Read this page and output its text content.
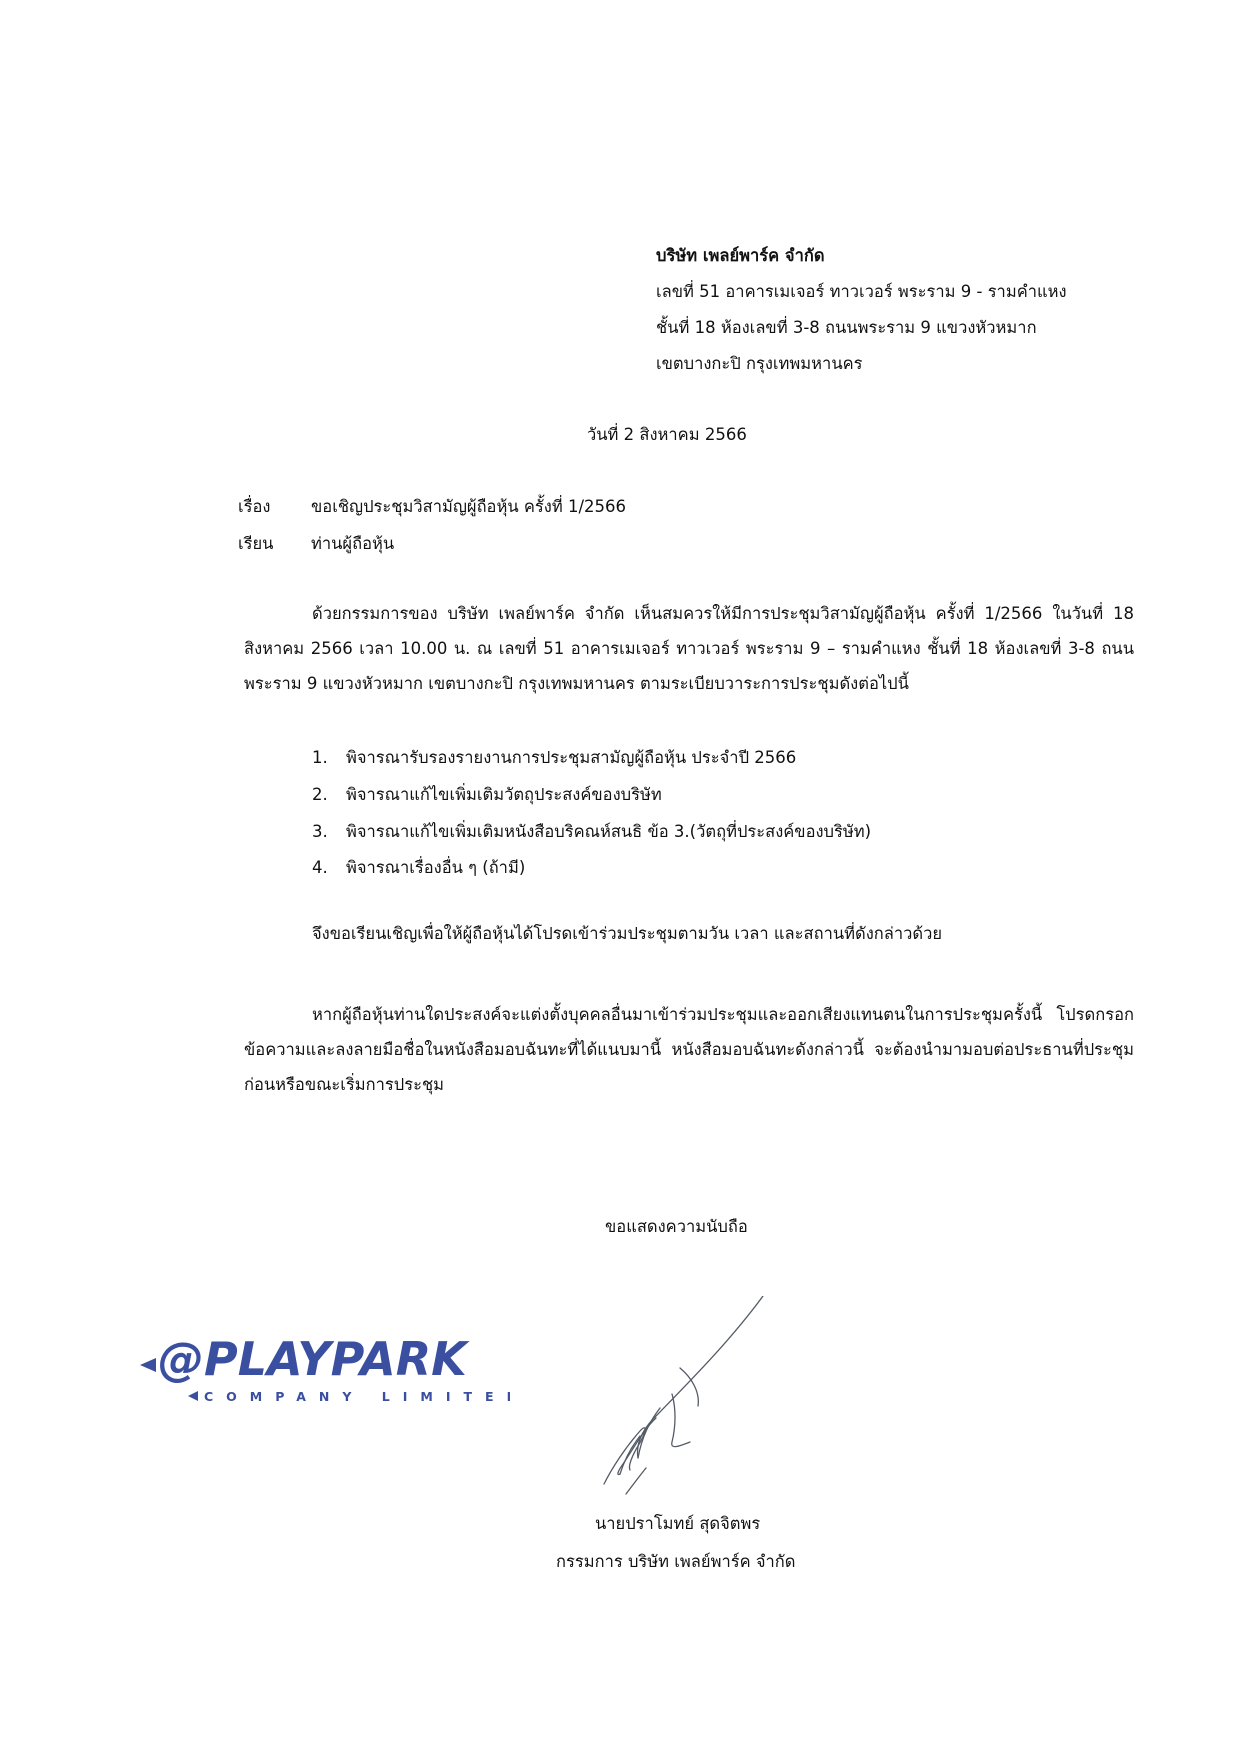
บริษัท เพลย์พาร์ค จำกัด
เลขที่ 51 อาคารเมเจอร์ ทาวเวอร์ พระราม 9 - รามคำแหง
ชั้นที่ 18 ห้องเลขที่ 3-8 ถนนพระราม 9 แขวงหัวหมาก
เขตบางกะปิ กรุงเทพมหานคร
วันที่ 2 สิงหาคม 2566
เรื่อง ขอเชิญประชุมวิสามัญผู้ถือหุ้น ครั้งที่ 1/2566
เรียน ท่านผู้ถือหุ้น
ด้วยกรรมการของ บริษัท เพลย์พาร์ค จำกัด เห็นสมควรให้มีการประชุมวิสามัญผู้ถือหุ้น ครั้งที่ 1/2566 ในวันที่ 18 สิงหาคม 2566 เวลา 10.00 น. ณ เลขที่ 51 อาคารเมเจอร์ ทาวเวอร์ พระราม 9 – รามคำแหง ชั้นที่ 18 ห้องเลขที่ 3-8 ถนนพระราม 9 แขวงหัวหมาก เขตบางกะปิ กรุงเทพมหานคร ตามระเบียบวาระการประชุมดังต่อไปนี้
1. พิจารณารับรองรายงานการประชุมสามัญผู้ถือหุ้น ประจำปี 2566
2. พิจารณาแก้ไขเพิ่มเติมวัตถุประสงค์ของบริษัท
3. พิจารณาแก้ไขเพิ่มเติมหนังสือบริคณห์สนธิ ข้อ 3.(วัตถุที่ประสงค์ของบริษัท)
4. พิจารณาเรื่องอื่น ๆ (ถ้ามี)
จึงขอเรียนเชิญเพื่อให้ผู้ถือหุ้นได้โปรดเข้าร่วมประชุมตามวัน เวลา และสถานที่ดังกล่าวด้วย
หากผู้ถือหุ้นท่านใดประสงค์จะแต่งตั้งบุคคลอื่นมาเข้าร่วมประชุมและออกเสียงแทนตนในการประชุมครั้งนี้ โปรดกรอกข้อความและลงลายมือชื่อในหนังสือมอบฉันทะที่ได้แนบมานี้ หนังสือมอบฉันทะดังกล่าวนี้ จะต้องนำมามอบต่อประธานที่ประชุมก่อนหรือขณะเริ่มการประชุม
ขอแสดงความนับถือ
@PLAYPARK
COMPANY LIMITED
นายปราโมทย์ สุดจิตพร
กรรมการ บริษัท เพลย์พาร์ค จำกัด
